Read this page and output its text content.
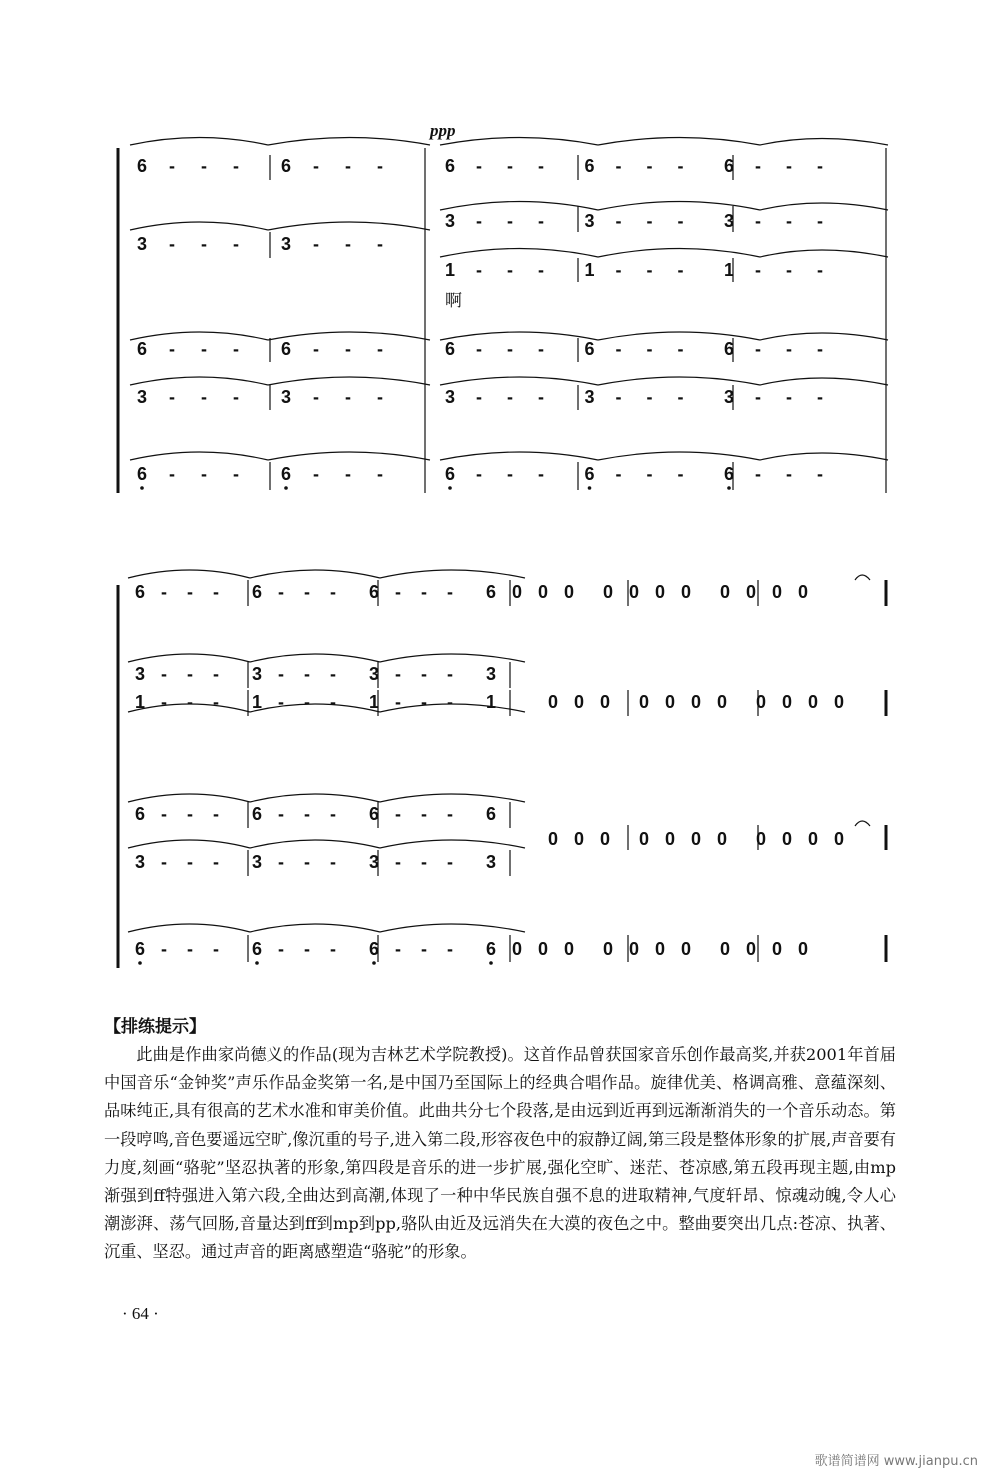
ppp
啊
6 - - - 6 - - -	6 - - - 6 - - - 6 - - -
3 - - - 3 - - -
6 - - - 6 - - -	6 - - - 6 - - - 6 - - -
3 - - - 3 - - -	3 - - - 3 - - - 3 - - -
6 - - - 6 - - -	6 - - - 6 - - - 6 - - -
3 - - - 3 - - - 3 - - -
1 - - - 1 - - - 1 - - -
6 - - - 6 - - - 6 - - - 6 0 0 0 0 0 0 0 0 0 0 0
3 - - - 3 - - - 3 - - - 3
1 - - - 1 - - - 1 - - - 1	0 0 0 0 0 0 0 0 0 0 0
6 - - - 6 - - - 6 - - - 6
3 - - - 3 - - - 3 - - - 3
0 0 0 0 0 0 0 0 0 0 0
6 - - - 6 - - - 6 - - - 6 0 0 0 0 0 0 0 0 0 0 0
【排练提示】

此曲是作曲家尚德义的作品(现为吉林艺术学院教授)。这首作品曾获国家音乐创作最高奖,并获2001年首届中国音乐“金钟奖”声乐作品金奖第一名,是中国乃至国际上的经典合唱作品。旋律优美、格调高雅、意蕴深刻、品味纯正,具有很高的艺术水准和审美价值。此曲共分七个段落,是由远到近再到远渐渐消失的一个音乐动态。第一段哼鸣,音色要遥远空旷,像沉重的号子,进入第二段,形容夜色中的寂静辽阔,第三段是整体形象的扩展,声音要有力度,刻画“骆驼”坚忍执著的形象,第四段是音乐的进一步扩展,强化空旷、迷茫、苍凉感,第五段再现主题,由mp渐强到ff特强进入第六段,全曲达到高潮,体现了一种中华民族自强不息的进取精神,气度轩昂、惊魂动魄,令人心潮澎湃、荡气回肠,音量达到ff到mp到pp,骆队由近及远消失在大漠的夜色之中。整曲要突出几点:苍凉、执著、沉重、坚忍。通过声音的距离感塑造“骆驼”的形象。

· 64 ·
歌谱简谱网 www.jianpu.cn
